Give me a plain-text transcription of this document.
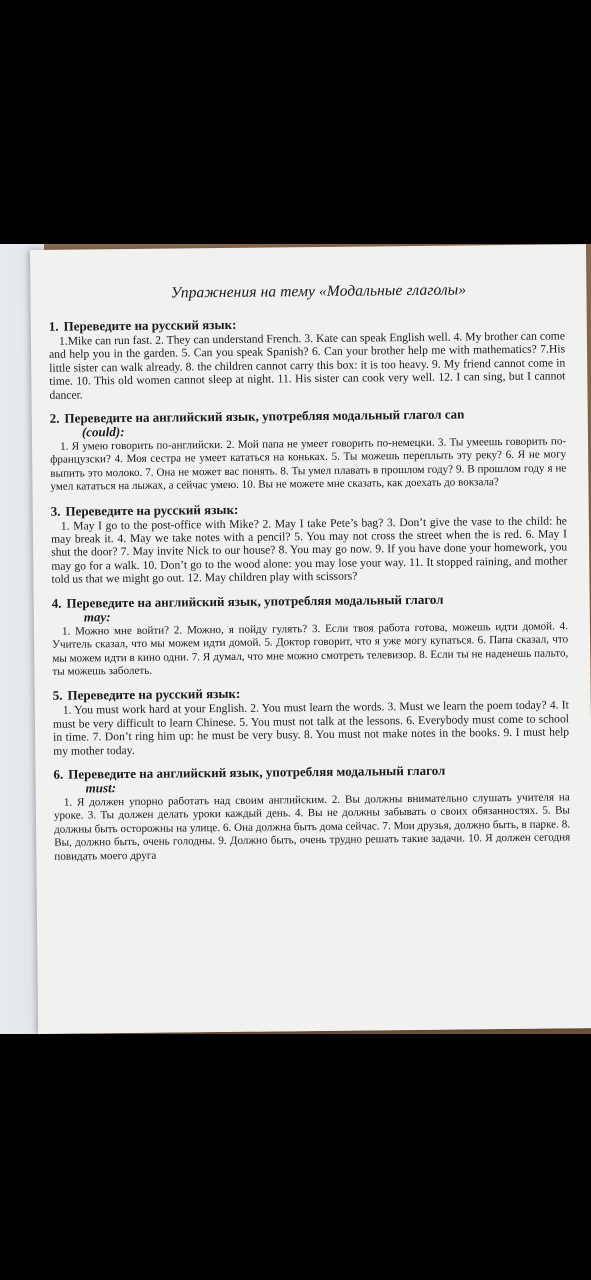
Упражнения на тему «Модальные глаголы»

1. Переведите на русский язык:

1.Mike can run fast. 2. They can understand French. 3. Kate can speak English well. 4. My brother can come and help you in the garden. 5. Can you speak Spanish? 6. Can your brother help me with mathematics? 7.His little sister can walk already. 8. the children cannot carry this box: it is too heavy. 9. My friend cannot come in time. 10. This old women cannot sleep at night. 11. His sister can cook very well. 12. I can sing, but I cannot dancer.

2. Переведите на английский язык, употребляя модальный глагол can

(could):

1. Я умею говорить по-английски. 2. Мой папа не умеет говорить по-немецки. 3. Ты умеешь говорить по-французски? 4. Моя сестра не умеет кататься на коньках. 5. Ты можешь переплыть эту реку? 6. Я не могу выпить это молоко. 7. Она не может вас понять. 8. Ты умел плавать в прошлом году? 9. В прошлом году я не умел кататься на лыжах, а сейчас умею. 10. Вы не можете мне сказать, как доехать до вокзала?

3. Переведите на русский язык:

1. May I go to the post-office with Mike? 2. May I take Pete’s bag? 3. Don’t give the vase to the child: he may break it. 4. May we take notes with a pencil? 5. You may not cross the street when the is red. 6. May I shut the door? 7. May invite Nick to our house? 8. You may go now. 9. If you have done your homework, you may go for a walk. 10. Don’t go to the wood alone: you may lose your way. 11. It stopped raining, and mother told us that we might go out. 12. May children play with scissors?

4. Переведите на английский язык, употребляя модальный глагол

may:

1. Можно мне войти? 2. Можно, я пойду гулять? 3. Если твоя работа готова, можешь идти домой. 4. Учитель сказал, что мы можем идти домой. 5. Доктор говорит, что я уже могу купаться. 6. Папа сказал, что мы можем идти в кино одни. 7. Я думал, что мне можно смотреть телевизор. 8. Если ты не наденешь пальто, ты можешь заболеть.

5. Переведите на русский язык:

1. You must work hard at your English. 2. You must learn the words. 3. Must we learn the poem today? 4. It must be very difficult to learn Chinese. 5. You must not talk at the lessons. 6. Everybody must come to school in time. 7. Don’t ring him up: he must be very busy. 8. You must not make notes in the books. 9. I must help my mother today.

6. Переведите на английский язык, употребляя модальный глагол

must:

1. Я должен упорно работать над своим английским. 2. Вы должны внимательно слушать учителя на уроке. 3. Ты должен делать уроки каждый день. 4. Вы не должны забывать о своих обязанностях. 5. Вы должны быть осторожны на улице. 6. Она должна быть дома сейчас. 7. Мои друзья, должно быть, в парке. 8. Вы, должно быть, очень голодны. 9. Должно быть, очень трудно решать такие задачи. 10. Я должен сегодня повидать моего друга
